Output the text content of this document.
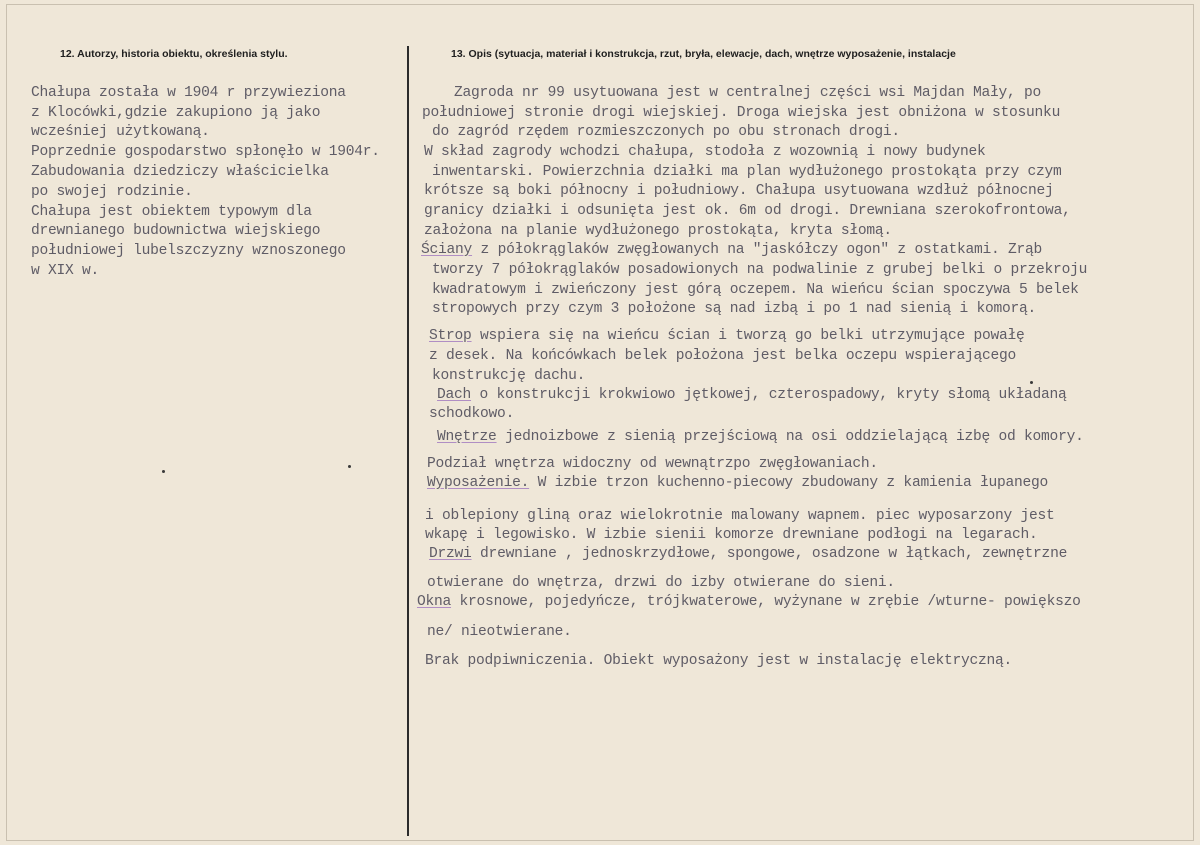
12. Autorzy, historia obiektu, określenia stylu.	13. Opis (sytuacja, materiał i konstrukcja, rzut, bryła, elewacje, dach, wnętrze wyposażenie, instalacje
Chałupa została w 1904 r przywieziona
z Klocówki,gdzie zakupiono ją jako
wcześniej użytkowaną.
Poprzednie gospodarstwo spłonęło w 1904r.
Zabudowania dziedziczy właścicielka
po swojej rodzinie.
Chałupa jest obiektem typowym dla
drewnianego budownictwa wiejskiego
południowej lubelszczyzny wznoszonego
w XIX w.
Zagroda nr 99 usytuowana jest w centralnej części wsi Majdan Mały, po
południowej stronie drogi wiejskiej. Droga wiejska jest obniżona w stosunku
do zagród rzędem rozmieszczonych po obu stronach drogi.
W skład zagrody wchodzi chałupa, stodoła z wozownią i nowy budynek
inwentarski. Powierzchnia działki ma plan wydłużonego prostokąta przy czym
krótsze są boki północny i południowy. Chałupa usytuowana wzdłuż północnej
granicy działki i odsunięta jest ok. 6m od drogi. Drewniana szerokofrontowa,
założona na planie wydłużonego prostokąta, kryta słomą.
Ściany z półokrąglaków zwęgłowanych na "jaskółczy ogon" z ostatkami. Zrąb
tworzy 7 półokrąglaków posadowionych na podwalinie z grubej belki o przekroju
kwadratowym i zwieńczony jest górą oczepem. Na wieńcu ścian spoczywa 5 belek
stropowych przy czym 3 położone są nad izbą i po 1 nad sienią i komorą.
Strop wspiera się na wieńcu ścian i tworzą go belki utrzymujące powałę
z desek. Na końcówkach belek położona jest belka oczepu wspierającego
konstrukcję dachu.
Dach o konstrukcji krokwiowo jętkowej, czterospadowy, kryty słomą układaną
schodkowo.
Wnętrze jednoizbowe z sienią przejściową na osi oddzielającą izbę od komory.
Podział wnętrza widoczny od wewnątrzpo zwęgłowaniach.
Wyposażenie. W izbie trzon kuchenno-piecowy zbudowany z kamienia łupanego
i oblepiony gliną oraz wielokrotnie malowany wapnem. piec wyposarzony jest
wkapę i legowisko. W izbie sienii komorze drewniane podłogi na legarach.
Drzwi drewniane , jednoskrzydłowe, spongowe, osadzone w łątkach, zewnętrzne
otwierane do wnętrza, drzwi do izby otwierane do sieni.
Okna krosnowe, pojedyńcze, trójkwaterowe, wyżynane w zrębie /wturne- powiększo
ne/ nieotwierane.
Brak podpiwniczenia. Obiekt wyposażony jest w instalację elektryczną.
